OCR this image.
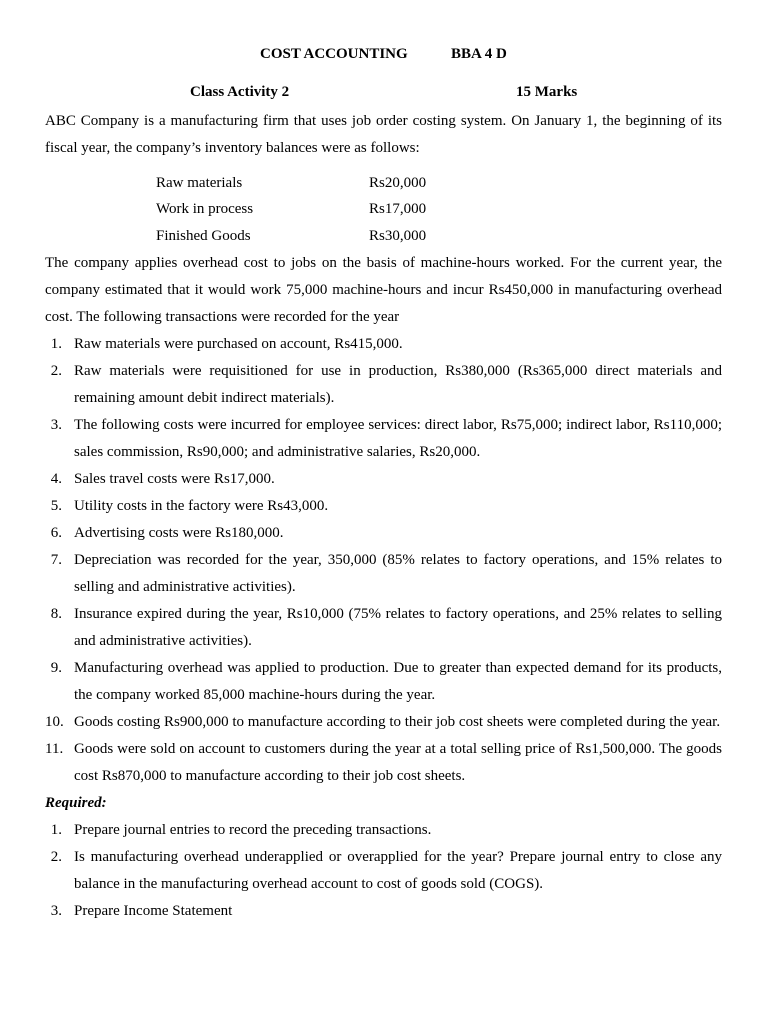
COST ACCOUNTING	BBA 4 D
Class Activity 2	15 Marks

ABC Company is a manufacturing firm that uses job order costing system. On January 1, the beginning of its fiscal year, the company’s inventory balances were as follows:

Raw materials	Rs20,000
Work in process	Rs17,000
Finished Goods	Rs30,000

The company applies overhead cost to jobs on the basis of machine-hours worked. For the current year, the company estimated that it would work 75,000 machine-hours and incur Rs450,000 in manufacturing overhead cost. The following transactions were recorded for the year

1. Raw materials were purchased on account, Rs415,000.
2. Raw materials were requisitioned for use in production, Rs380,000 (Rs365,000 direct materials and remaining amount debit indirect materials).
3. The following costs were incurred for employee services: direct labor, Rs75,000; indirect labor, Rs110,000; sales commission, Rs90,000; and administrative salaries, Rs20,000.
4. Sales travel costs were Rs17,000.
5. Utility costs in the factory were Rs43,000.
6. Advertising costs were Rs180,000.
7. Depreciation was recorded for the year, 350,000 (85% relates to factory operations, and 15% relates to selling and administrative activities).
8. Insurance expired during the year, Rs10,000 (75% relates to factory operations, and 25% relates to selling and administrative activities).
9. Manufacturing overhead was applied to production. Due to greater than expected demand for its products, the company worked 85,000 machine-hours during the year.
10. Goods costing Rs900,000 to manufacture according to their job cost sheets were completed during the year.
11. Goods were sold on account to customers during the year at a total selling price of Rs1,500,000. The goods cost Rs870,000 to manufacture according to their job cost sheets.
Required:
1. Prepare journal entries to record the preceding transactions.
2. Is manufacturing overhead underapplied or overapplied for the year? Prepare journal entry to close any balance in the manufacturing overhead account to cost of goods sold (COGS).
3. Prepare Income Statement
